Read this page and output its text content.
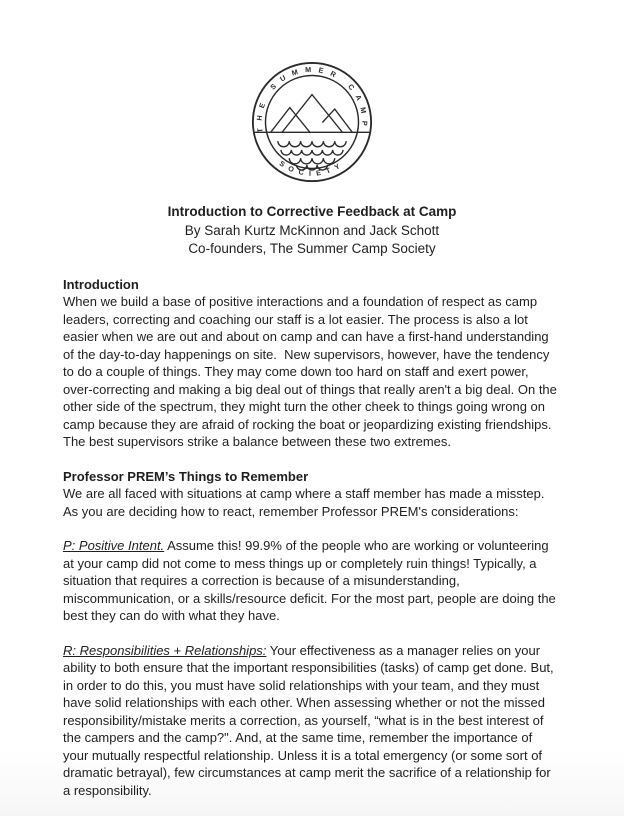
THE SUMMER CAMP
SOCIETY
Introduction to Corrective Feedback at Camp
By Sarah Kurtz McKinnon and Jack Schott
Co-founders, The Summer Camp Society
Introduction

When we build a base of positive interactions and a foundation of respect as camp leaders, correcting and coaching our staff is a lot easier. The process is also a lot easier when we are out and about on camp and can have a first-hand understanding of the day-to-day happenings on site.  New supervisors, however, have the tendency to do a couple of things. They may come down too hard on staff and exert power, over-correcting and making a big deal out of things that really aren't a big deal. On the other side of the spectrum, they might turn the other cheek to things going wrong on camp because they are afraid of rocking the boat or jeopardizing existing friendships. The best supervisors strike a balance between these two extremes.

Professor PREM’s Things to Remember

We are all faced with situations at camp where a staff member has made a misstep. As you are deciding how to react, remember Professor PREM's considerations:

P: Positive Intent. Assume this! 99.9% of the people who are working or volunteering at your camp did not come to mess things up or completely ruin things! Typically, a situation that requires a correction is because of a misunderstanding, miscommunication, or a skills/resource deficit. For the most part, people are doing the best they can do with what they have.

R: Responsibilities + Relationships: Your effectiveness as a manager relies on your ability to both ensure that the important responsibilities (tasks) of camp get done. But, in order to do this, you must have solid relationships with your team, and they must have solid relationships with each other. When assessing whether or not the missed responsibility/mistake merits a correction, as yourself, “what is in the best interest of the campers and the camp?". And, at the same time, remember the importance of your mutually respectful relationship. Unless it is a total emergency (or some sort of dramatic betrayal), few circumstances at camp merit the sacrifice of a relationship for a responsibility.
